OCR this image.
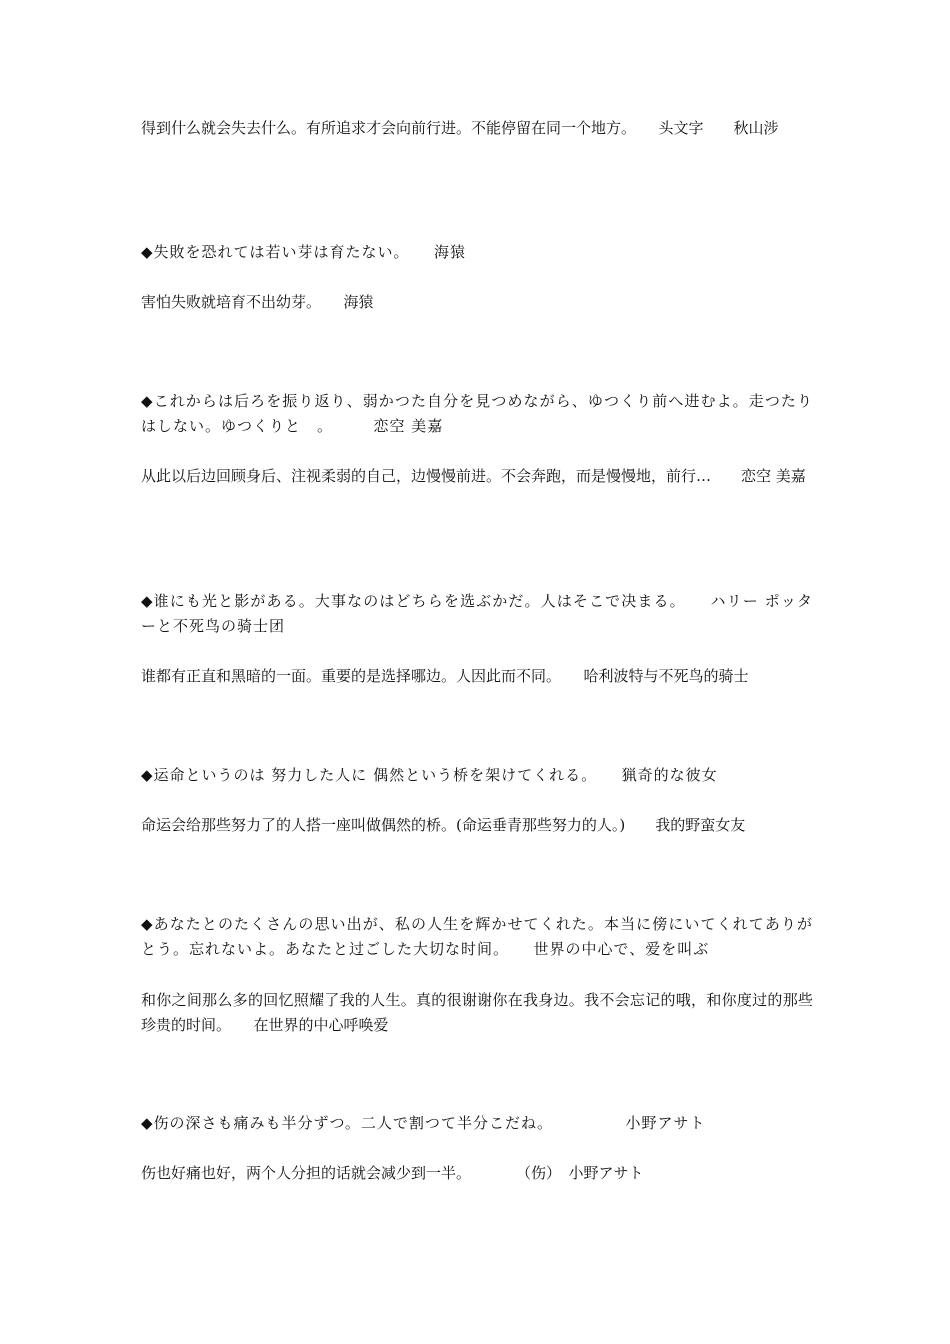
得到什么就会失去什么。有所追求才会向前行进。不能停留在同一个地方。　　头文字　　秋山涉

◆失敗を恐れては若い芽は育たない。　　海猿

害怕失败就培育不出幼芽。　　海猿

◆これからは后ろを振り返り、弱かつた自分を見つめながら、ゆつくり前へ进むよ。走つたりはしない。ゆつくりと　。　　　恋空 美嘉

从此以后边回顾身后、注视柔弱的自己，边慢慢前进。不会奔跑，而是慢慢地，前行…　　恋空 美嘉

◆谁にも光と影がある。大事なのはどちらを选ぶかだ。人はそこで决まる。　　ハリー ポッターと不死鸟の骑士团

谁都有正直和黑暗的一面。重要的是选择哪边。人因此而不同。　　哈利波特与不死鸟的骑士

◆运命というのは 努力した人に 偶然という桥を架けてくれる。　　猟奇的な彼女

命运会给那些努力了的人搭一座叫做偶然的桥。(命运垂青那些努力的人。)　　我的野蛮女友

◆あなたとのたくさんの思い出が、私の人生を辉かせてくれた。本当に傍にいてくれてありがとう。忘れないよ。あなたと过ごした大切な时间。　　世界の中心で、爱を叫ぶ

和你之间那么多的回忆照耀了我的人生。真的很谢谢你在我身边。我不会忘记的哦，和你度过的那些珍贵的时间。　　在世界的中心呼唤爱

◆伤の深さも痛みも半分ずつ。二人で割つて半分こだね。　　　　　小野アサト

伤也好痛也好，两个人分担的话就会减少到一半。　　　　（伤）　小野アサト
